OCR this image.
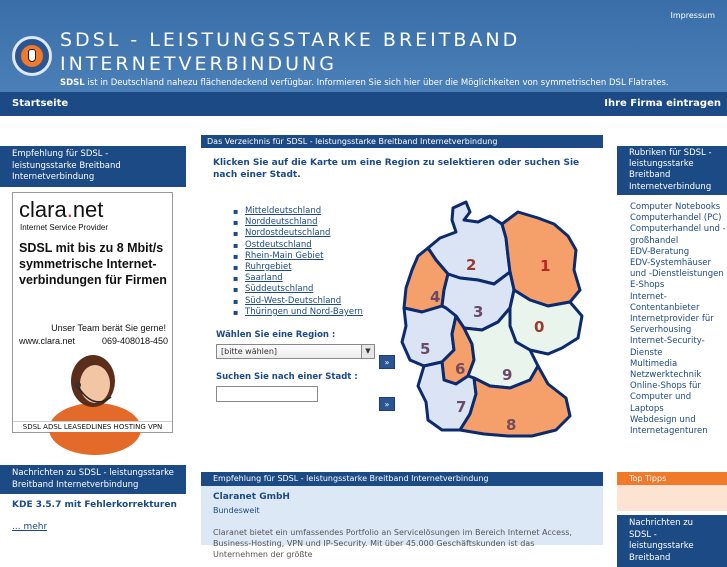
SDSL - LEISTUNGSSTARKE BREITBAND INTERNETVERBINDUNG
SDSL ist in Deutschland nahezu flächendeckend verfügbar. Informieren Sie sich hier über die Möglichkeiten von symmetrischen DSL Flatrates.
Impressum
Startseite	Ihre Firma eintragen
Empfehlung für SDSL - leistungsstarke Breitband Internetverbindung
clara.net
Internet Service Provider
SDSL mit bis zu 8 Mbit/s symmetrische Internet-verbindungen für Firmen
Unser Team berät Sie gerne!
www.clara.net	069-408018-450
SDSL ADSL LEASEDLINES HOSTING VPN
Nachrichten zu SDSL - leistungsstarke Breitband Internetverbindung
KDE 3.5.7 mit Fehlerkorrekturen
... mehr
Das Verzeichnis für SDSL - leistungsstarke Breitband Internetverbindung
Klicken Sie auf die Karte um eine Region zu selektieren oder suchen Sie nach einer Stadt.
▪ Mitteldeutschland
▪ Norddeutschland
▪ Nordostdeutschland
▪ Ostdeutschland
▪ Rhein-Main Gebiet
▪ Ruhrgebiet
▪ Saarland
▪ Süddeutschland
▪ Süd-West-Deutschland
▪ Thüringen und Nord-Bayern
Wählen Sie eine Region :
[bitte wählen]	▼
»
Suchen Sie nach einer Stadt :
»
1
2
3
4
5
6
7
8
9
0
Empfehlung für SDSL - leistungsstarke Breitband Internetverbindung
Claranet GmbH
Bundesweit
Claranet bietet ein umfassendes Portfolio an Servicelösungen im Bereich Internet Access, Business-Hosting, VPN und IP-Security. Mit über 45.000 Geschäftskunden ist das Unternehmen der größte
Rubriken für SDSL - leistungsstarke Breitband Internetverbindung
Computer Notebooks
Computerhandel (PC)
Computerhandel und -großhandel
EDV-Beratung
EDV-Systemhäuser und -Dienstleistungen
E-Shops
Internet-Contentanbieter
Internetprovider für Serverhousing
Internet-Security-Dienste
Multimedia
Netzwerktechnik
Online-Shops für Computer und Laptops
Webdesign und Internetagenturen
Top Tipps
Nachrichten zu SDSL - leistungsstarke Breitband
